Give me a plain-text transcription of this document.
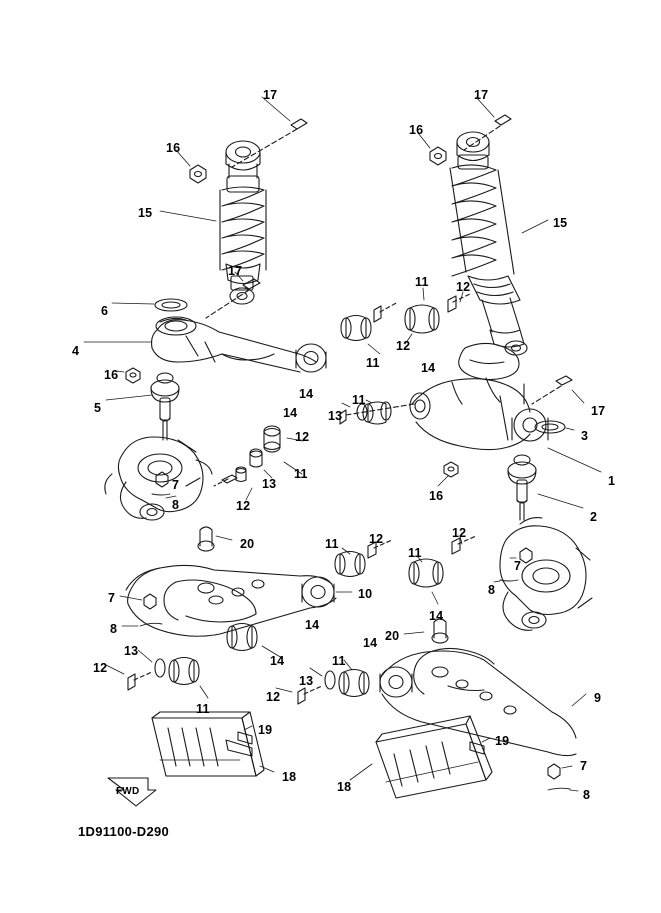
FWD
1D91100-D290
17	17
16
16
15
15
17
11 12
6
12
4
11	14
16
14
17
5
11
13
14
3
12
1
11
16
13
12
7
8
2
11 12	12
11
20
7
8
10
14
7
8	14
20
14
13
14
11
12
13
12
11
9
19
19
18
18
7
8
